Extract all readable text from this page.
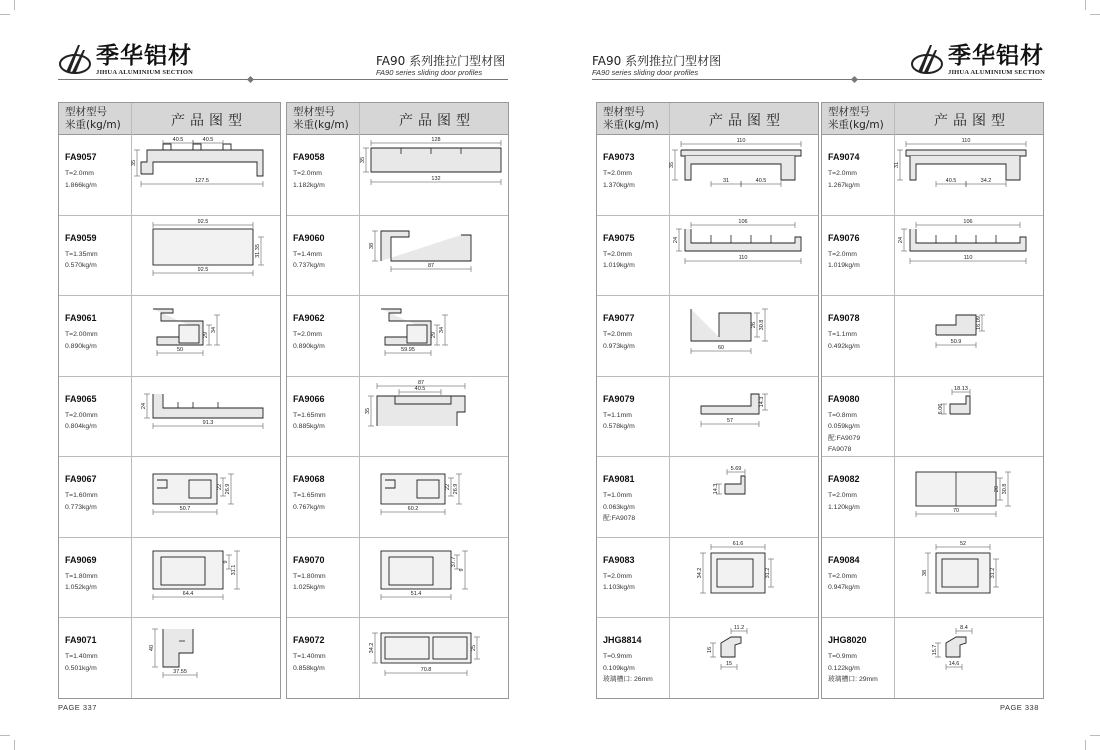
季华铝材
JIHUA ALUMINIUM SECTION
FA90 系列推拉门型材图
FA90 series sliding door profiles
PAGE 337
FA90 系列推拉门型材图
FA90 series sliding door profiles
季华铝材
JIHUA ALUMINIUM SECTION
PAGE 338
型材型号
米重(kg/m)	产品图型
FA9057
T=2.0mm
1.866kg/m
40.5	40.5
35
127.5
FA9059
T=1.35mm
0.570kg/m
92.5
31.35
92.5
FA9061
T=2.00mm
0.890kg/m
29
34
50
FA9065
T=2.00mm
0.804kg/m
24
91.3
FA9067
T=1.60mm
0.773kg/m
22 26.9
50.7
FA9069
T=1.80mm
1.052kg/m
9
31.1
64.4
FA9071
T=1.40mm
0.501kg/m
40
37.55
型材型号
米重(kg/m)	产品图型
FA9058
T=2.0mm
1.182kg/m
128
35
132
FA9060
T=1.4mm
0.737kg/m
38
87
FA9062
T=2.0mm
0.890kg/m
29
34
59.95
FA9066
T=1.65mm
0.885kg/m
87
40.5
35
FA9068
T=1.65mm
0.767kg/m
22 26.9
60.2
FA9070
T=1.80mm
1.025kg/m
37.7
9
51.4
FA9072
T=1.40mm
0.858kg/m
34.2	25
70.8
型材型号
米重(kg/m)	产品图型
FA9073
T=2.0mm
1.370kg/m
110
35
31	40.5
FA9075
T=2.0mm
1.019kg/m
106
24
110
FA9077
T=2.0mm
0.973kg/m
26 30.8
60
FA9079
T=1.1mm
0.578kg/m
14.3
57
FA9081
T=1.0mm
0.063kg/m
配:FA9078
5.69
14.3
FA9083
T=2.0mm
1.103kg/m
61.6
34.2	31.2
JHG8814
T=0.9mm
0.109kg/m
玻璃槽口: 26mm
11.2
16
15
型材型号
米重(kg/m)	产品图型
FA9074
T=2.0mm
1.267kg/m
110
31
40.5	34.2
FA9076
T=2.0mm
1.019kg/m
106
24
110
FA9078
T=1.1mm
0.492kg/m
16.09
50.9
FA9080
T=0.8mm
0.059kg/m
配:FA9079
FA9078
18.13
6.06
FA9082
T=2.0mm
1.120kg/m
26 30.8
70
FA9084
T=2.0mm
0.947kg/m
52
38	31.2
JHG8020
T=0.9mm
0.122kg/m
玻璃槽口: 29mm
8.4
15.7
14.6
